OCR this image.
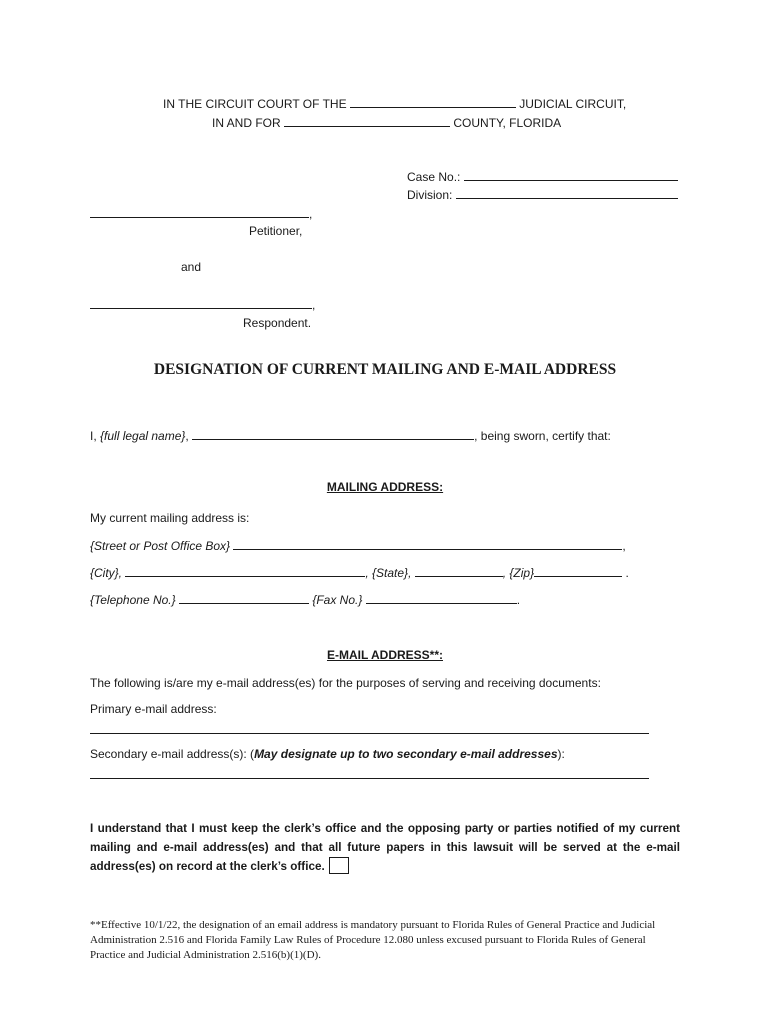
IN THE CIRCUIT COURT OF THE	JUDICIAL CIRCUIT,
IN AND FOR	COUNTY, FLORIDA
Case No.:
Division:
,
Petitioner,
and
,
Respondent.
DESIGNATION OF CURRENT MAILING AND E-MAIL ADDRESS
I, {full legal name},	, being sworn, certify that:
MAILING ADDRESS:
My current mailing address is:
{Street or Post Office Box}	,
{City},	, {State},	, {Zip}	.
{Telephone No.}	{Fax No.}	.
E-MAIL ADDRESS**:
The following is/are my e-mail address(es) for the purposes of serving and receiving documents:
Primary e-mail address:
Secondary e-mail address(s): (May designate up to two secondary e-mail addresses):
I understand that I must keep the clerk’s office and the opposing party or parties notified of my current mailing and e-mail address(es) and that all future papers in this lawsuit will be served at the e-mail address(es) on record at the clerk’s office.
**Effective 10/1/22, the designation of an email address is mandatory pursuant to Florida Rules of General Practice and Judicial Administration 2.516 and Florida Family Law Rules of Procedure 12.080 unless excused pursuant to Florida Rules of General Practice and Judicial Administration 2.516(b)(1)(D).
